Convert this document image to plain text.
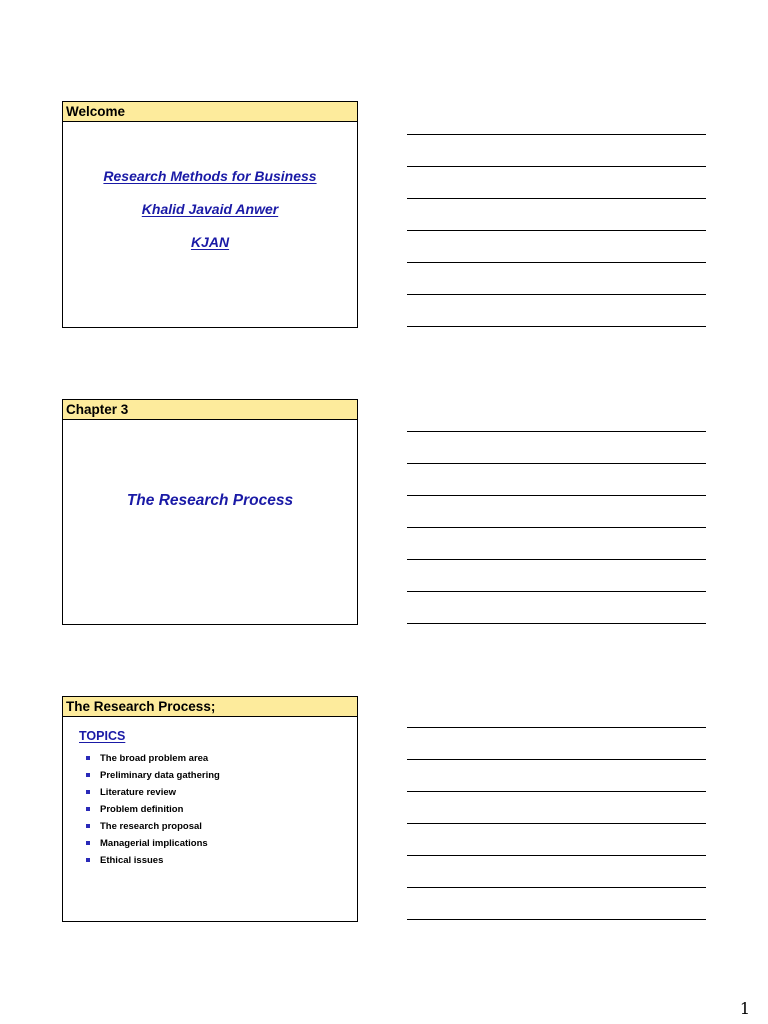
Welcome
Research Methods for Business
Khalid Javaid Anwer
KJAN
Chapter 3
The Research Process
The Research Process;
TOPICS
The broad problem area
Preliminary data gathering
Literature review
Problem definition
The research proposal
Managerial implications
Ethical issues
1
